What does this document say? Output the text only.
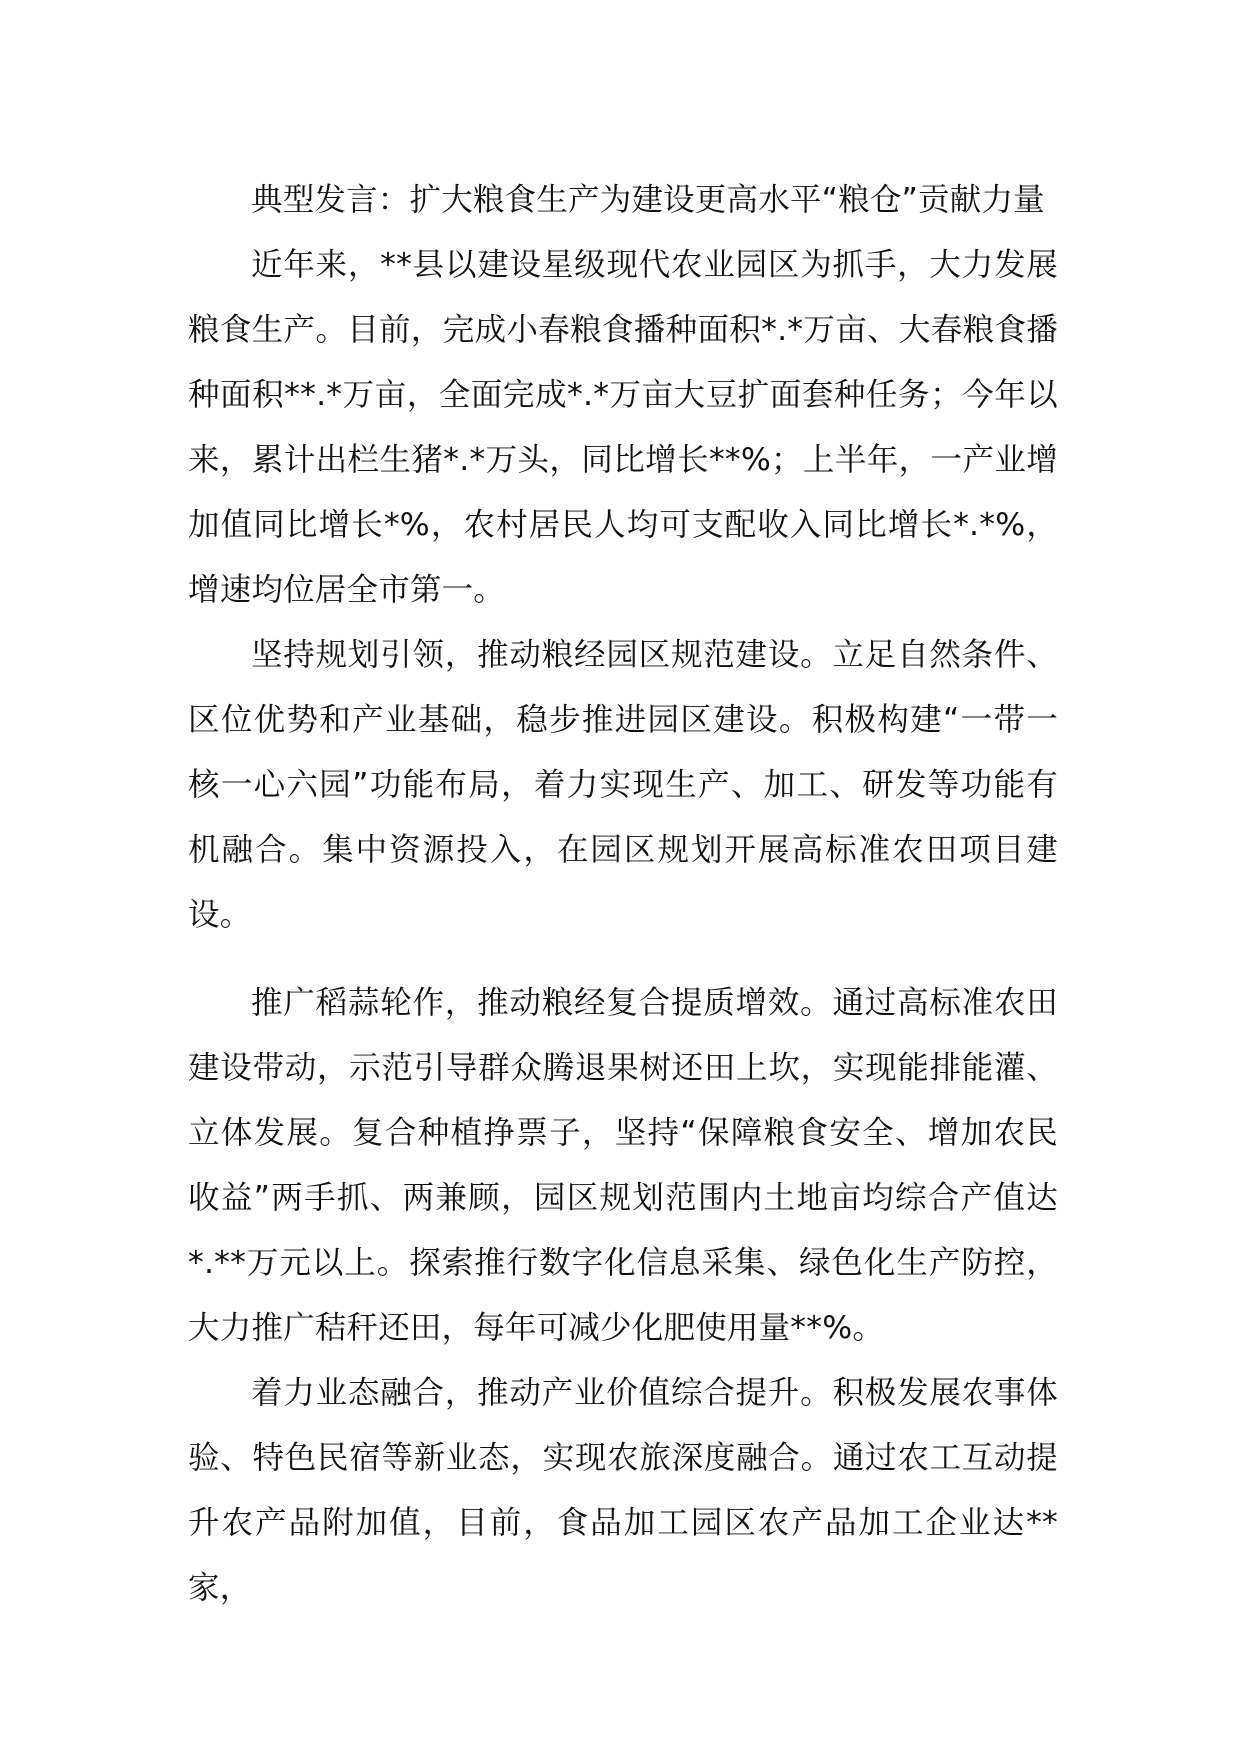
典型发言：扩大粮食生产为建设更高水平“粮仓”贡献力量

近年来，**县以建设星级现代农业园区为抓手，大力发展粮食生产。目前，完成小春粮食播种面积*.*万亩、大春粮食播种面积**.*万亩，全面完成*.*万亩大豆扩面套种任务；今年以来，累计出栏生猪*.*万头，同比增长**%；上半年，一产业增加值同比增长*%，农村居民人均可支配收入同比增长*.*%，增速均位居全市第一。

坚持规划引领，推动粮经园区规范建设。立足自然条件、区位优势和产业基础，稳步推进园区建设。积极构建“一带一核一心六园”功能布局，着力实现生产、加工、研发等功能有机融合。集中资源投入，在园区规划开展高标准农田项目建设。

推广稻蒜轮作，推动粮经复合提质增效。通过高标准农田建设带动，示范引导群众腾退果树还田上坎，实现能排能灌、立体发展。复合种植挣票子，坚持“保障粮食安全、增加农民收益”两手抓、两兼顾，园区规划范围内土地亩均综合产值达*.**万元以上。探索推行数字化信息采集、绿色化生产防控，大力推广秸秆还田，每年可减少化肥使用量**%。

着力业态融合，推动产业价值综合提升。积极发展农事体验、特色民宿等新业态，实现农旅深度融合。通过农工互动提升农产品附加值，目前，食品加工园区农产品加工企业达**家，
